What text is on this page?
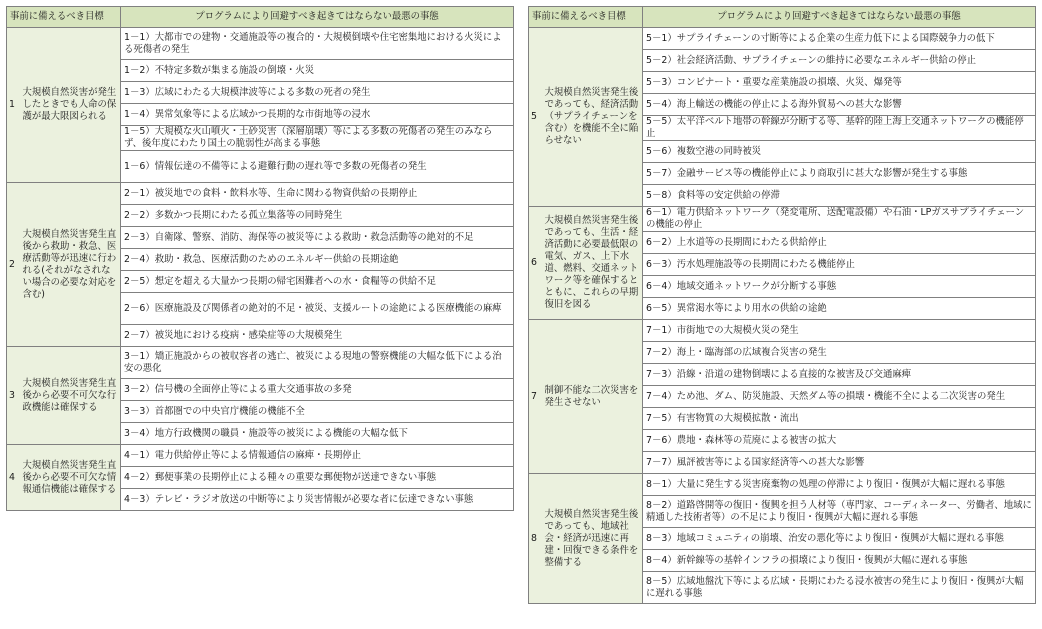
事前に備えるべき目標		プログラムにより回避すべき起きてはならない最悪の事態
1	大規模自然災害が発生したときでも人命の保護が最大限図られる	1－1）大都市での建物・交通施設等の複合的・大規模倒壊や住宅密集地における火災による死傷者の発生
		1－2）不特定多数が集まる施設の倒壊・火災
		1－3）広域にわたる大規模津波等による多数の死者の発生
		1－4）異常気象等による広域かつ長期的な市街地等の浸水
		1－5）大規模な火山噴火・土砂災害（深層崩壊）等による多数の死傷者の発生のみならず、後年度にわたり国土の脆弱性が高まる事態
		1－6）情報伝達の不備等による避難行動の遅れ等で多数の死傷者の発生
2	大規模自然災害発生直後から救助・救急、医療活動等が迅速に行われる(それがなされない場合の必要な対応を含む)	2－1）被災地での食料・飲料水等、生命に関わる物資供給の長期停止
		2－2）多数かつ長期にわたる孤立集落等の同時発生
		2－3）自衛隊、警察、消防、海保等の被災等による救助・救急活動等の絶対的不足
		2－4）救助・救急、医療活動のためのエネルギー供給の長期途絶
		2－5）想定を超える大量かつ長期の帰宅困難者への水・食糧等の供給不足
		2－6）医療施設及び関係者の絶対的不足・被災、支援ルートの途絶による医療機能の麻痺
		2－7）被災地における疫病・感染症等の大規模発生
3	大規模自然災害発生直後から必要不可欠な行政機能は確保する	3－1）矯正施設からの被収容者の逃亡、被災による現地の警察機能の大幅な低下による治安の悪化
		3－2）信号機の全面停止等による重大交通事故の多発
		3－3）首都圏での中央官庁機能の機能不全
		3－4）地方行政機関の職員・施設等の被災による機能の大幅な低下
4	大規模自然災害発生直後から必要不可欠な情報通信機能は確保する	4－1）電力供給停止等による情報通信の麻痺・長期停止
		4－2）郵便事業の長期停止による種々の重要な郵便物が送達できない事態
		4－3）テレビ・ラジオ放送の中断等により災害情報が必要な者に伝達できない事態
事前に備えるべき目標		プログラムにより回避すべき起きてはならない最悪の事態
5	大規模自然災害発生後であっても、経済活動（サプライチェーンを含む）を機能不全に陥らせない	5－1）サプライチェーンの寸断等による企業の生産力低下による国際競争力の低下
		5－2）社会経済活動、サプライチェーンの維持に必要なエネルギー供給の停止
		5－3）コンビナート・重要な産業施設の損壊、火災、爆発等
		5－4）海上輸送の機能の停止による海外貿易への甚大な影響
		5－5）太平洋ベルト地帯の幹線が分断する等、基幹的陸上海上交通ネットワークの機能停止
		5－6）複数空港の同時被災
		5－7）金融サービス等の機能停止により商取引に甚大な影響が発生する事態
		5－8）食料等の安定供給の停滞
6	大規模自然災害発生後であっても、生活・経済活動に必要最低限の電気、ガス、上下水道、燃料、交通ネットワーク等を確保するとともに、これらの早期復旧を図る	6－1）電力供給ネットワーク（発変電所、送配電設備）や石油・LPガスサプライチェーンの機能の停止
		6－2）上水道等の長期間にわたる供給停止
		6－3）汚水処理施設等の長期間にわたる機能停止
		6－4）地域交通ネットワークが分断する事態
		6－5）異常渇水等により用水の供給の途絶
7	制御不能な二次災害を発生させない	7－1）市街地での大規模火災の発生
		7－2）海上・臨海部の広域複合災害の発生
		7－3）沿線・沿道の建物倒壊による直接的な被害及び交通麻痺
		7－4）ため池、ダム、防災施設、天然ダム等の損壊・機能不全による二次災害の発生
		7－5）有害物質の大規模拡散・流出
		7－6）農地・森林等の荒廃による被害の拡大
		7－7）風評被害等による国家経済等への甚大な影響
8	大規模自然災害発生後であっても、地域社会・経済が迅速に再建・回復できる条件を整備する	8－1）大量に発生する災害廃棄物の処理の停滞により復旧・復興が大幅に遅れる事態
		8－2）道路啓開等の復旧・復興を担う人材等（専門家、コーディネーター、労働者、地域に精通した技術者等）の不足により復旧・復興が大幅に遅れる事態
		8－3）地域コミュニティの崩壊、治安の悪化等により復旧・復興が大幅に遅れる事態
		8－4）新幹線等の基幹インフラの損壊により復旧・復興が大幅に遅れる事態
		8－5）広域地盤沈下等による広域・長期にわたる浸水被害の発生により復旧・復興が大幅に遅れる事態
